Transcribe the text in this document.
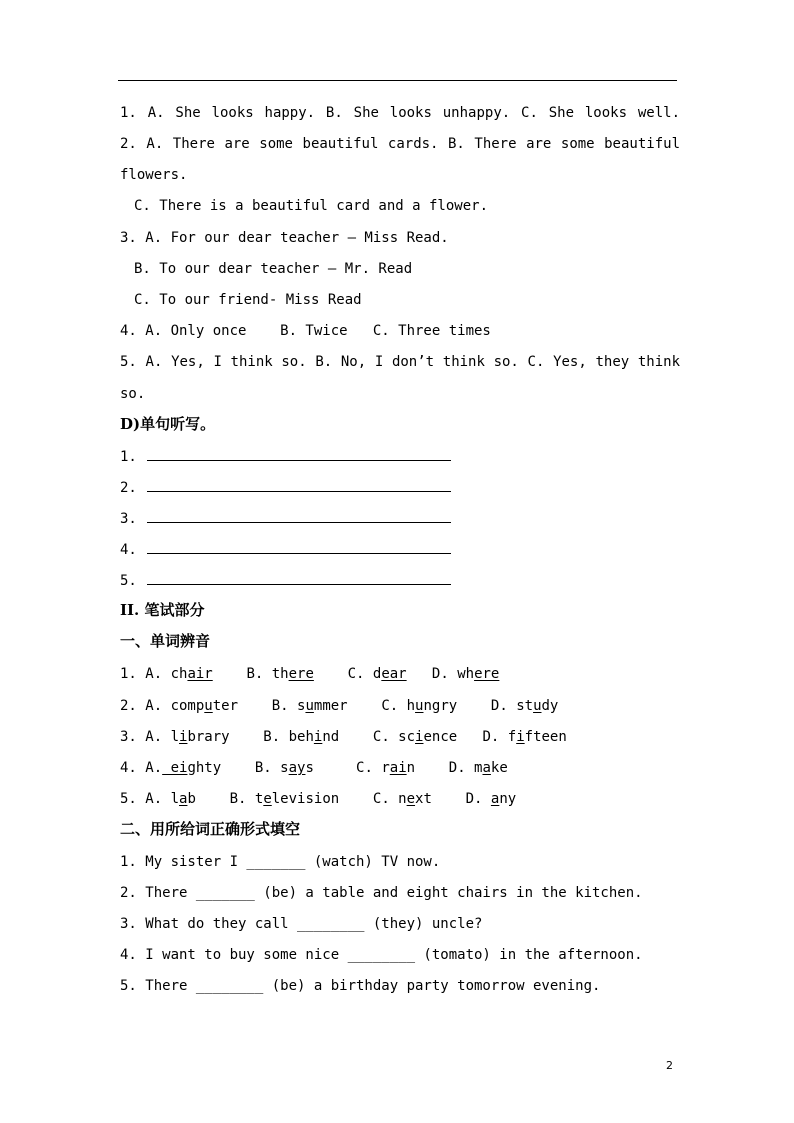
1. A. She looks happy. B. She looks unhappy. C. She looks well.
2. A. There are some beautiful cards. B. There are some beautiful
flowers.
C. There is a beautiful card and a flower.
3. A. For our dear teacher – Miss Read.
B. To our dear teacher – Mr. Read
C. To our friend- Miss Read
4. A. Only once    B. Twice   C. Three times
5. A. Yes, I think so. B. No, I don’t think so. C. Yes, they think
so.
D)单句听写。
1.
2.
3.
4.
5.
II. 笔试部分
一、单词辨音
1. A. chair    B. there    C. dear   D. where
2. A. computer    B. summer    C. hungry    D. study
3. A. library    B. behind    C. science   D. fifteen
4. A. eighty    B. says     C. rain    D. make
5. A. lab    B. television    C. next    D. any
二、用所给词正确形式填空
1. My sister I _______ (watch) TV now.
2. There _______ (be) a table and eight chairs in the kitchen.
3. What do they call ________ (they) uncle?
4. I want to buy some nice ________ (tomato) in the afternoon.
5. There ________ (be) a birthday party tomorrow evening.
2
